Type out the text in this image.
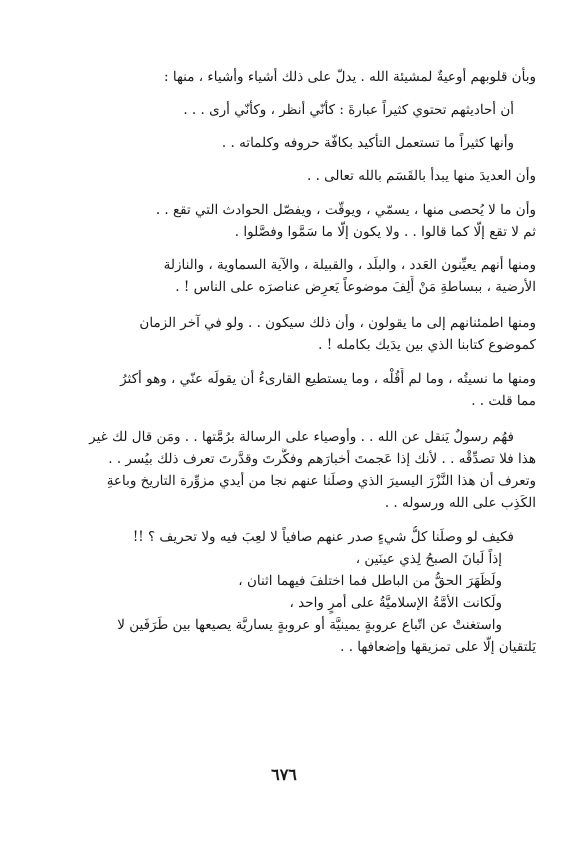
وبأن قلوبهم أوعيةٌ لمشيئة الله . يدلّ على ذلك أشياء وأشياء ، منها :
أن أحاديثهم تحتوي كثيراً عبارةَ : كأنّي أنظر ، وكأنّي أرى . . .
وأنها كثيراً ما تستعمل التأكيد بكافّة حروفه وكلماته . .
وأن العديدَ منها يبدأ بالقَسَم بالله تعالى . .
وأن ما لا يُحصى منها ، يسمّي ، ويوقّت ، ويفصّل الحوادث التي تقع . .
ثم لا تقع إلّا كما قالوا . . ولا يكون إلّا ما سَمَّوا وفصَّلوا .
ومنها أنهم يعيِّنون العَدد ، والبلَد ، والقبيلة ، والآية السماوية ، والنازلة
الأرضية ، ببساطةِ مَنْ أَلِفَ موضوعاً يَعرِض عناصرَه على الناس ! .
ومنها اطمئنانهم إلى ما يقولون ، وأن ذلك سيكون . . ولو في آخر الزمان
كموضوع كتابنا الذي بين يدَيك بكامله ! .
ومنها ما نسيتُه ، وما لم أَقُلْه ، وما يستطيع القارىءُ أن يقولَه عنّي ، وهو أكثرُ
مما قلت . .
فهُم رسولٌ يَنقل عن الله . . وأوصياء على الرسالة برُمَّتها . . ومَن قال لك غير
هذا فلا تصدِّقْه . . لأنك إذا عَجمتَ أخبارَهم وفكَّرتَ وقدَّرتَ تعرف ذلك بيُسر . .
وتعرف أن هذا النَّزْرَ اليسيرَ الذي وصلَنا عنهم نجا من أيدي مزوِّرة التاريخ وباعةِ
الكَذِب على الله ورسوله . .
فكيف لو وصلَنا كلُّ شيءٍ صدر عنهم صافياً لا لعِبَ فيه ولا تحريف ؟ !!
إذاً لَبانَ الصبحُ لِذي عينَين ،
ولَظَهَرَ الحقُّ من الباطل فما اختلفَ فيهما اثنان ،
ولَكانت الأمَّةُ الإسلاميَّةُ على أمرٍ واحد ،
واستغنتْ عن اتّباع عروبةٍ يمينيَّة أو عروبةٍ يساريَّة يصيعها بين طَرَفَين لا
يَلتقيان إلّا على تمزيقها وإضعافها . .
٦٧٦
